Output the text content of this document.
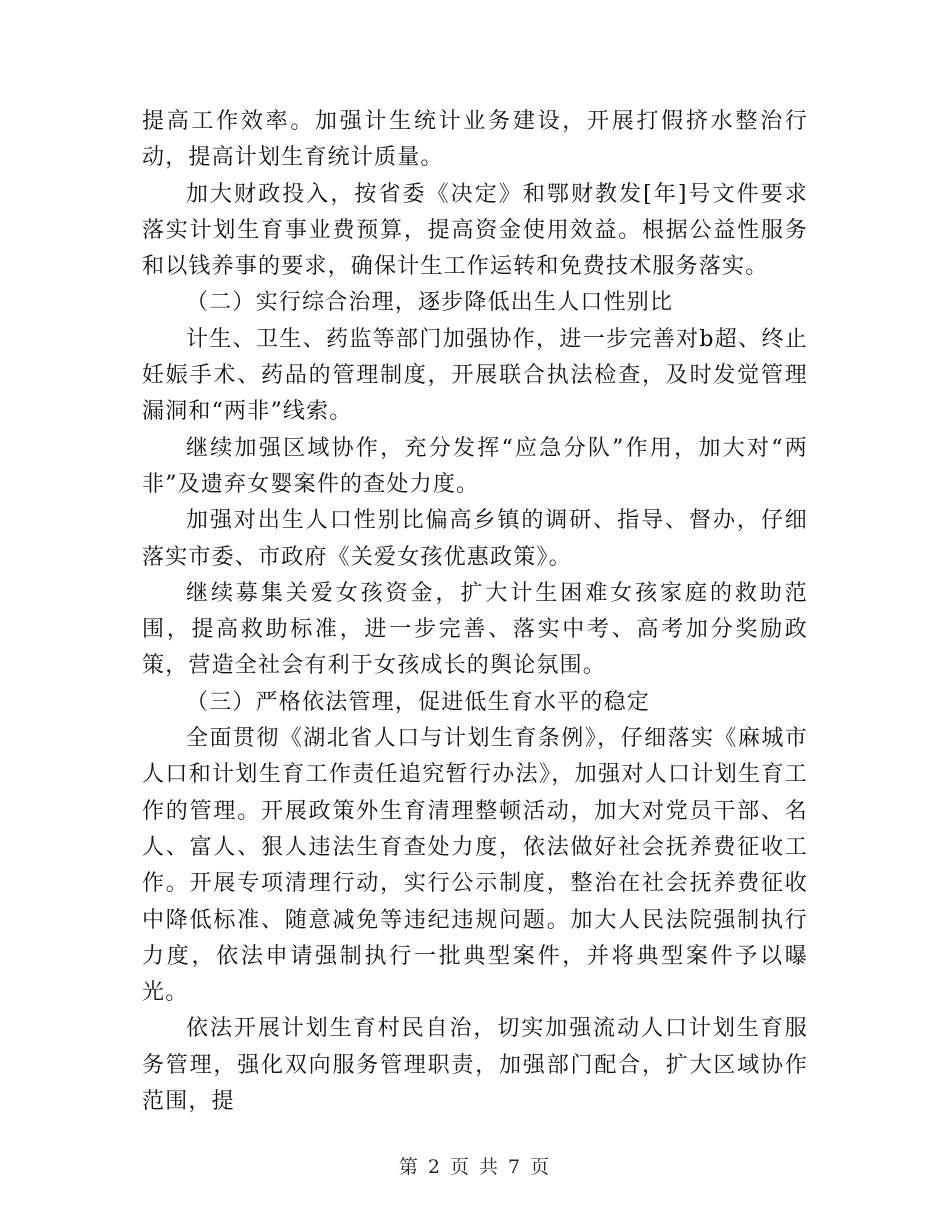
提高工作效率。加强计生统计业务建设，开展打假挤水整治行动，提高计划生育统计质量。

加大财政投入，按省委《决定》和鄂财教发[年]号文件要求落实计划生育事业费预算，提高资金使用效益。根据公益性服务和以钱养事的要求，确保计生工作运转和免费技术服务落实。

（二）实行综合治理，逐步降低出生人口性别比

计生、卫生、药监等部门加强协作，进一步完善对b超、终止妊娠手术、药品的管理制度，开展联合执法检查，及时发觉管理漏洞和“两非”线索。

继续加强区域协作，充分发挥“应急分队”作用，加大对“两非”及遗弃女婴案件的查处力度。

加强对出生人口性别比偏高乡镇的调研、指导、督办，仔细落实市委、市政府《关爱女孩优惠政策》。

继续募集关爱女孩资金，扩大计生困难女孩家庭的救助范围，提高救助标准，进一步完善、落实中考、高考加分奖励政策，营造全社会有利于女孩成长的舆论氛围。

（三）严格依法管理，促进低生育水平的稳定

全面贯彻《湖北省人口与计划生育条例》，仔细落实《麻城市人口和计划生育工作责任追究暂行办法》，加强对人口计划生育工作的管理。开展政策外生育清理整顿活动，加大对党员干部、名人、富人、狠人违法生育查处力度，依法做好社会抚养费征收工作。开展专项清理行动，实行公示制度，整治在社会抚养费征收中降低标准、随意减免等违纪违规问题。加大人民法院强制执行力度，依法申请强制执行一批典型案件，并将典型案件予以曝光。

依法开展计划生育村民自治，切实加强流动人口计划生育服务管理，强化双向服务管理职责，加强部门配合，扩大区域协作范围，提

第 2 页 共 7 页
